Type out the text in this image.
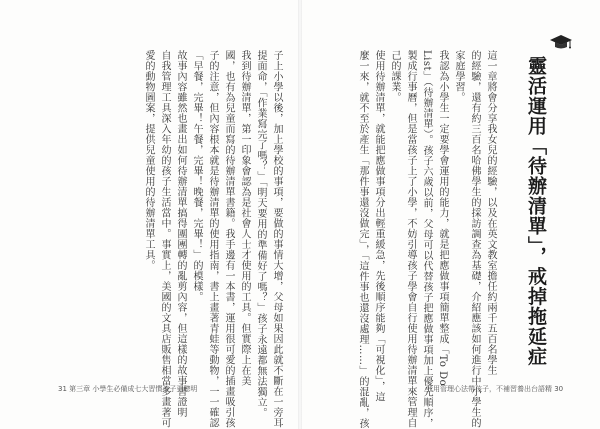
靈活運用「待辦清單」，戒掉拖延症
這一章將會分享我女兒的經驗，以及在英文教室擔任約兩千五百名學生
的經驗，還有約三百名哈佛學生的採訪調查為基礎，介紹應該如何進行中小學生的
家庭學習。
我認為小學生一定要學會運用的能力，就是把應做事項簡單整成「To Do
List」（待辦清單）。孩子六歲以前，父母可以代替孩子把應做事項加上優先順序，
製成行事曆，但是當孩子上了小學，不妨引導孩子學會自行使用待辦清單來管理自
己的課業。
使用待辦清單，就能把應做事項分出輕重緩急，先後順序能夠「可視化」，這
麼一來，就不至於產生「那件事還沒做完」，「這件事也還沒處理……」的混亂，孩	我用管理心法帶孩子，不補習養出台語精 30
子上小學以後，加上學校的事項，要做的事情大增，父母如果因此就不斷在一旁耳
提面命，「作業寫完了嗎？」「明天要用的準備好了嗎？」孩子永遠都無法獨立。
我到待辦清單，第一印象會認為是社會人士才使用的工具。但實際上在美
國，也有為兒童而寫的待辦清單書籍。我手邊有一本書，運用很可愛的插畫吸引孩
子的注意，但內容根本就是待辦清單的使用指南，書上畫著青蛙等動物，一一確認
「早餐，完畢！午餐，完畢！晚餐，完畢！」的模樣。
故事內容雖然也畫出如何待辦清單搞得團團轉的亂剪內容，但這樣的故事書證明
自我管理工具深入年幼的孩子生活當中。事實上，美國的文具店販售相當多畫著可
愛的動物圖案，提供兒童使用的待辦清單工具。
31 第三章 小學生必備成七大習慣孩子更聰明
